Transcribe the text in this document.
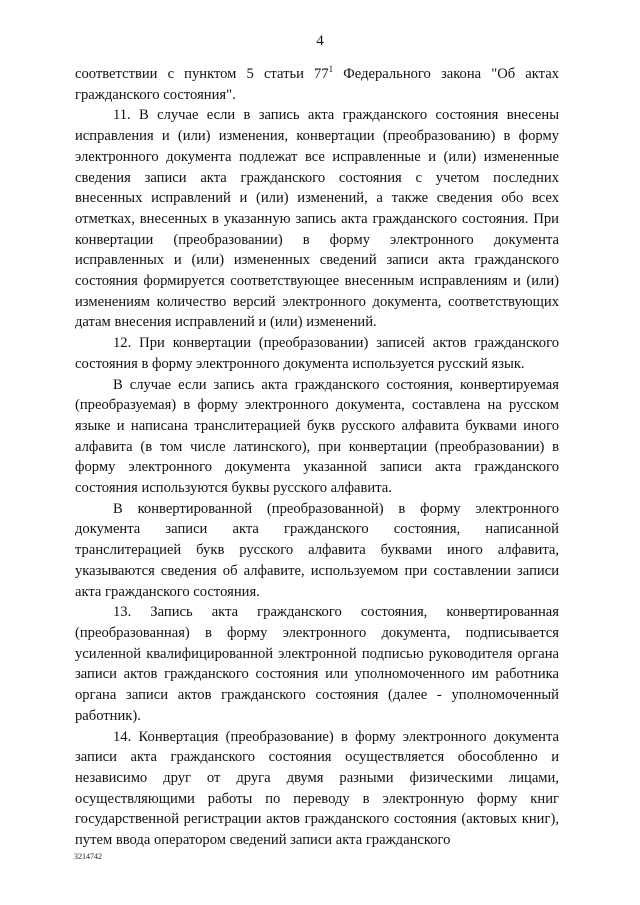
4

соответствии с пунктом 5 статьи $77^1$ Федерального закона "Об актах гражданского состояния".

11. В случае если в запись акта гражданского состояния внесены исправления и (или) изменения, конвертации (преобразованию) в форму электронного документа подлежат все исправленные и (или) измененные сведения записи акта гражданского состояния с учетом последних внесенных исправлений и (или) изменений, а также сведения обо всех отметках, внесенных в указанную запись акта гражданского состояния. При конвертации (преобразовании) в форму электронного документа исправленных и (или) измененных сведений записи акта гражданского состояния формируется соответствующее внесенным исправлениям и (или) изменениям количество версий электронного документа, соответствующих датам внесения исправлений и (или) изменений.

12. При конвертации (преобразовании) записей актов гражданского состояния в форму электронного документа используется русский язык.

В случае если запись акта гражданского состояния, конвертируемая (преобразуемая) в форму электронного документа, составлена на русском языке и написана транслитерацией букв русского алфавита буквами иного алфавита (в том числе латинского), при конвертации (преобразовании) в форму электронного документа указанной записи акта гражданского состояния используются буквы русского алфавита.

В конвертированной (преобразованной) в форму электронного документа записи акта гражданского состояния, написанной транслитерацией букв русского алфавита буквами иного алфавита, указываются сведения об алфавите, используемом при составлении записи акта гражданского состояния.

13. Запись акта гражданского состояния, конвертированная (преобразованная) в форму электронного документа, подписывается усиленной квалифицированной электронной подписью руководителя органа записи актов гражданского состояния или уполномоченного им работника органа записи актов гражданского состояния (далее - уполномоченный работник).

14. Конвертация (преобразование) в форму электронного документа записи акта гражданского состояния осуществляется обособленно и независимо друг от друга двумя разными физическими лицами, осуществляющими работы по переводу в электронную форму книг государственной регистрации актов гражданского состояния (актовых книг), путем ввода оператором сведений записи акта гражданского

3214742
